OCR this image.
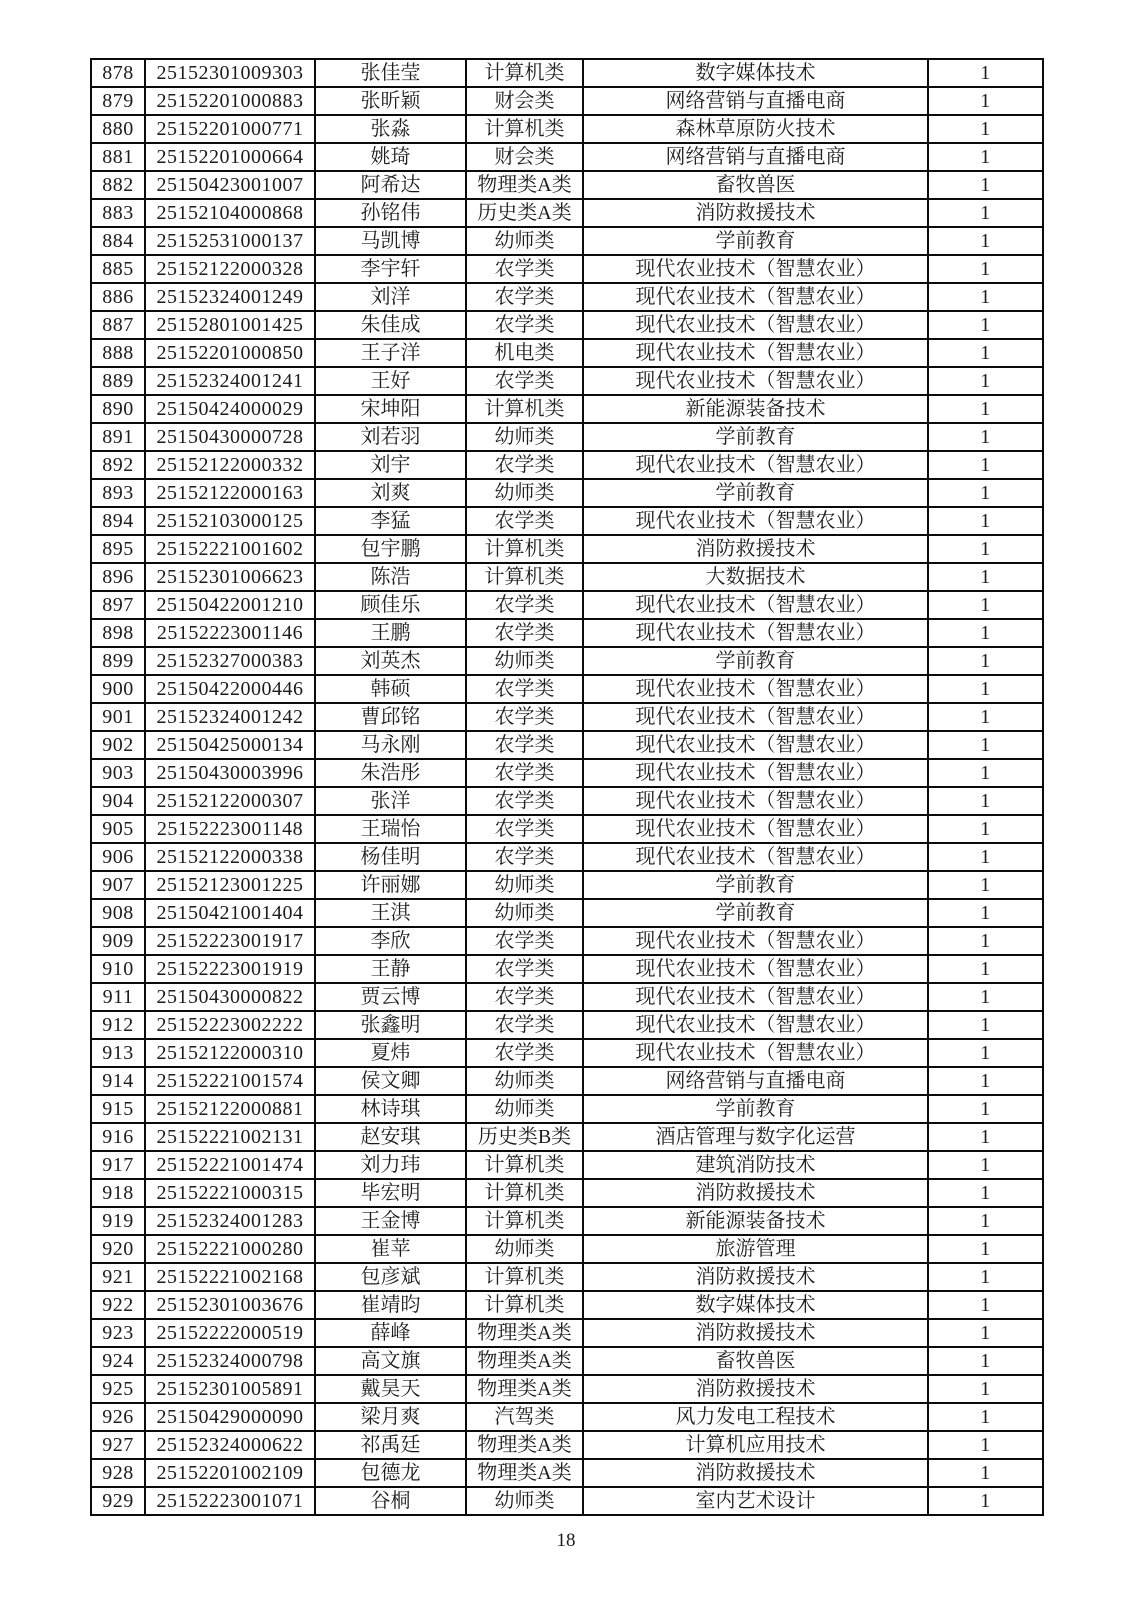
878	25152301009303	张佳莹	计算机类	数字媒体技术	1
879	25152201000883	张昕颖	财会类	网络营销与直播电商	1
880	25152201000771	张淼	计算机类	森林草原防火技术	1
881	25152201000664	姚琦	财会类	网络营销与直播电商	1
882	25150423001007	阿希达	物理类A类	畜牧兽医	1
883	25152104000868	孙铭伟	历史类A类	消防救援技术	1
884	25152531000137	马凯博	幼师类	学前教育	1
885	25152122000328	李宇轩	农学类	现代农业技术（智慧农业）	1
886	25152324001249	刘洋	农学类	现代农业技术（智慧农业）	1
887	25152801001425	朱佳成	农学类	现代农业技术（智慧农业）	1
888	25152201000850	王子洋	机电类	现代农业技术（智慧农业）	1
889	25152324001241	王好	农学类	现代农业技术（智慧农业）	1
890	25150424000029	宋坤阳	计算机类	新能源装备技术	1
891	25150430000728	刘若羽	幼师类	学前教育	1
892	25152122000332	刘宇	农学类	现代农业技术（智慧农业）	1
893	25152122000163	刘爽	幼师类	学前教育	1
894	25152103000125	李猛	农学类	现代农业技术（智慧农业）	1
895	25152221001602	包宇鹏	计算机类	消防救援技术	1
896	25152301006623	陈浩	计算机类	大数据技术	1
897	25150422001210	顾佳乐	农学类	现代农业技术（智慧农业）	1
898	25152223001146	王鹏	农学类	现代农业技术（智慧农业）	1
899	25152327000383	刘英杰	幼师类	学前教育	1
900	25150422000446	韩硕	农学类	现代农业技术（智慧农业）	1
901	25152324001242	曹邱铭	农学类	现代农业技术（智慧农业）	1
902	25150425000134	马永刚	农学类	现代农业技术（智慧农业）	1
903	25150430003996	朱浩彤	农学类	现代农业技术（智慧农业）	1
904	25152122000307	张洋	农学类	现代农业技术（智慧农业）	1
905	25152223001148	王瑞怡	农学类	现代农业技术（智慧农业）	1
906	25152122000338	杨佳明	农学类	现代农业技术（智慧农业）	1
907	25152123001225	许丽娜	幼师类	学前教育	1
908	25150421001404	王淇	幼师类	学前教育	1
909	25152223001917	李欣	农学类	现代农业技术（智慧农业）	1
910	25152223001919	王静	农学类	现代农业技术（智慧农业）	1
911	25150430000822	贾云博	农学类	现代农业技术（智慧农业）	1
912	25152223002222	张鑫明	农学类	现代农业技术（智慧农业）	1
913	25152122000310	夏炜	农学类	现代农业技术（智慧农业）	1
914	25152221001574	侯文卿	幼师类	网络营销与直播电商	1
915	25152122000881	林诗琪	幼师类	学前教育	1
916	25152221002131	赵安琪	历史类B类	酒店管理与数字化运营	1
917	25152221001474	刘力玮	计算机类	建筑消防技术	1
918	25152221000315	毕宏明	计算机类	消防救援技术	1
919	25152324001283	王金博	计算机类	新能源装备技术	1
920	25152221000280	崔苹	幼师类	旅游管理	1
921	25152221002168	包彦斌	计算机类	消防救援技术	1
922	25152301003676	崔靖昀	计算机类	数字媒体技术	1
923	25152222000519	薛峰	物理类A类	消防救援技术	1
924	25152324000798	高文旗	物理类A类	畜牧兽医	1
925	25152301005891	戴昊天	物理类A类	消防救援技术	1
926	25150429000090	梁月爽	汽驾类	风力发电工程技术	1
927	25152324000622	祁禹廷	物理类A类	计算机应用技术	1
928	25152201002109	包德龙	物理类A类	消防救援技术	1
929	25152223001071	谷桐	幼师类	室内艺术设计	1
18
